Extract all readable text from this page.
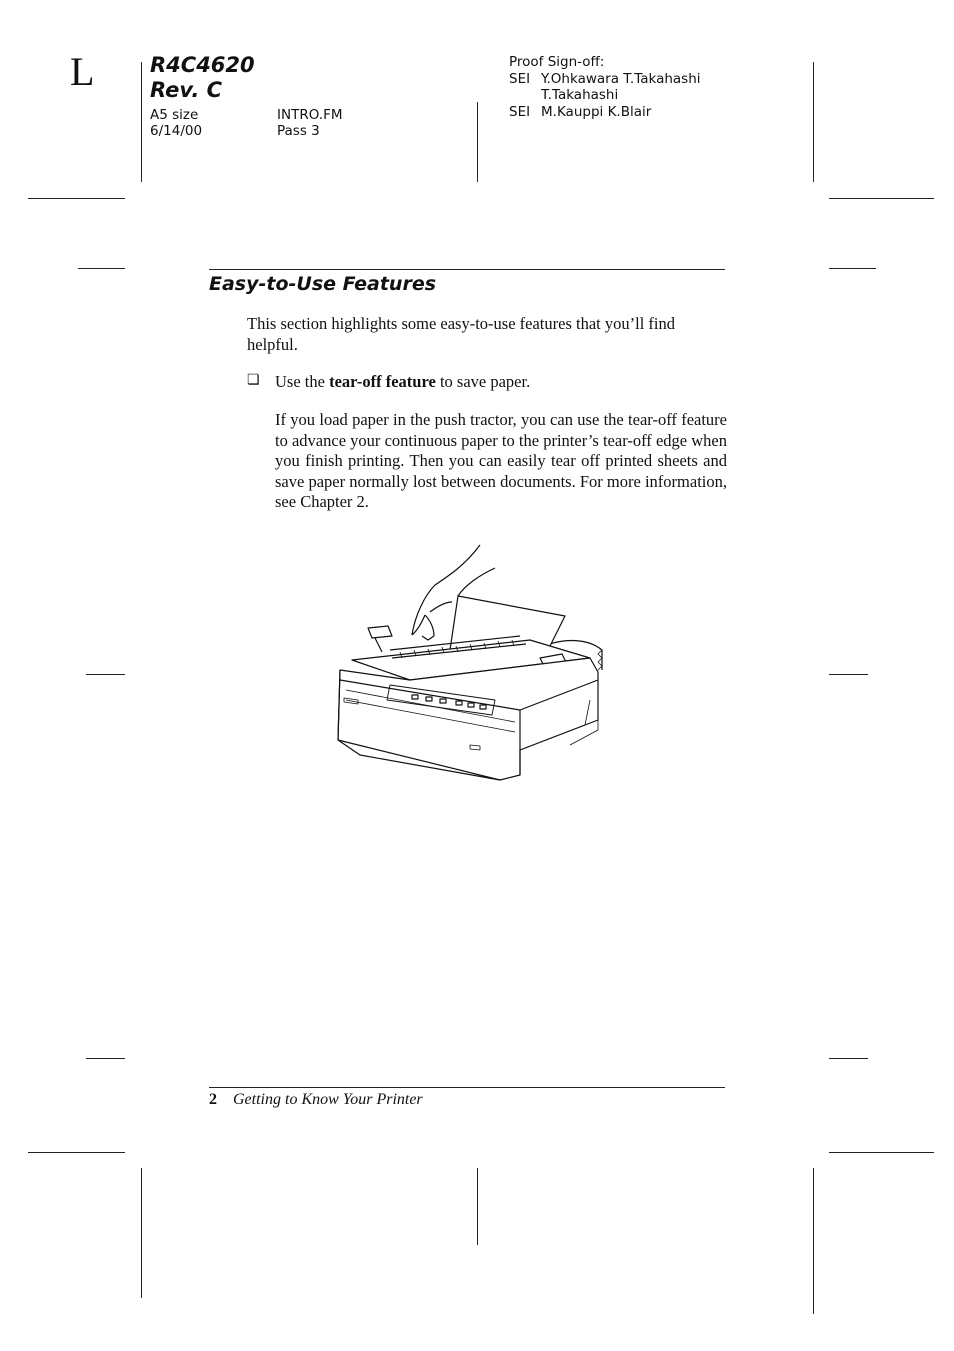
L	R4C4620
Rev. C
A5 size
6/14/00
INTRO.FM
Pass 3
Proof Sign-off:
SEI Y.Ohkawara T.Takahashi
T.Takahashi
SEI M.Kauppi K.Blair
Easy-to-Use Features
This section highlights some easy-to-use features that you’ll find helpful.
❏ Use the tear-off feature to save paper.
If you load paper in the push tractor, you can use the tear-off feature to advance your continuous paper to the printer’s tear-off edge when you finish printing. Then you can easily tear off printed sheets and save paper normally lost between documents. For more information, see Chapter 2.
2 Getting to Know Your Printer
